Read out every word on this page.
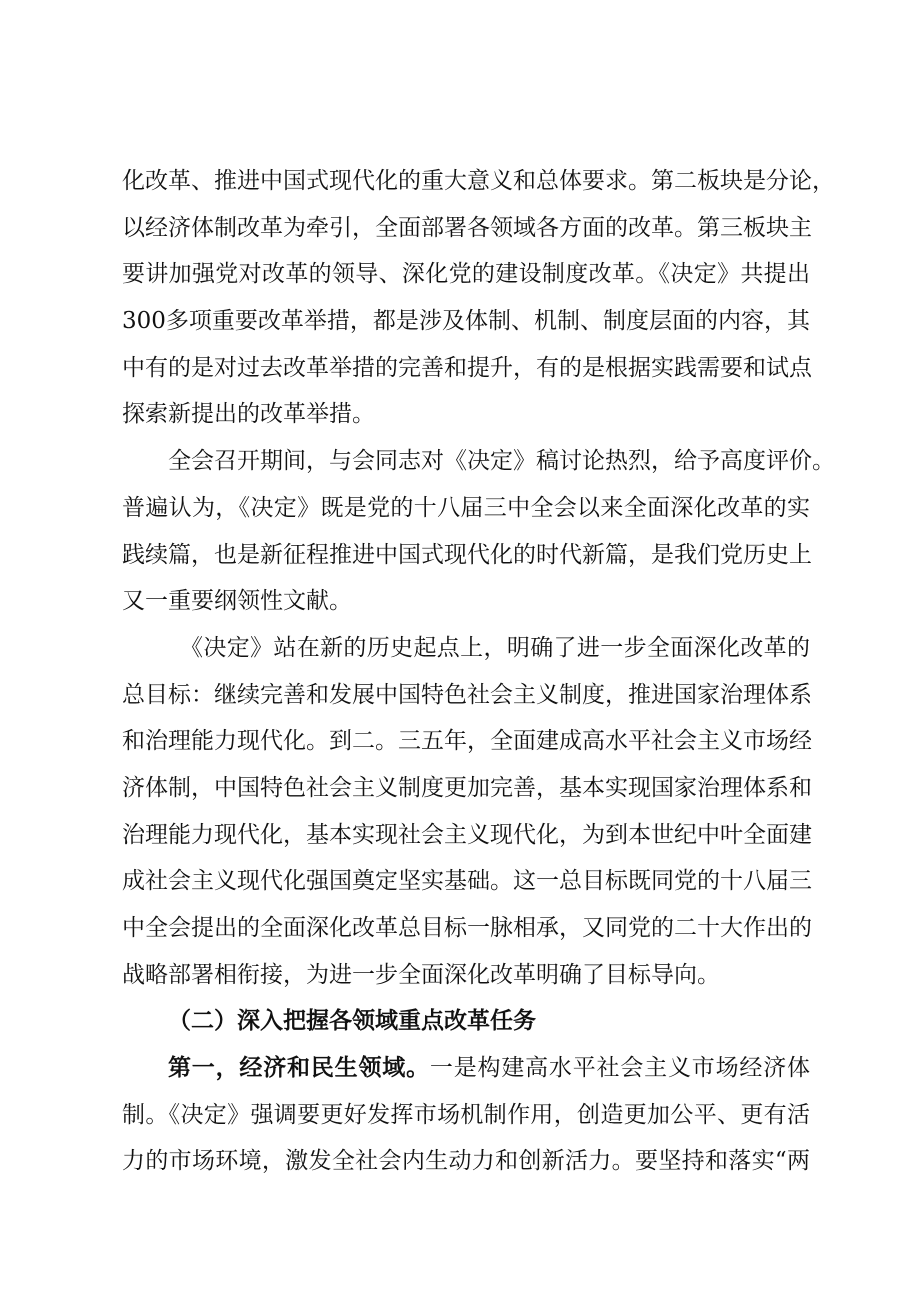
化改革、推进中国式现代化的重大意义和总体要求。第二板块是分论，
以经济体制改革为牵引，全面部署各领域各方面的改革。第三板块主
要讲加强党对改革的领导、深化党的建设制度改革。《决定》共提出
300多项重要改革举措，都是涉及体制、机制、制度层面的内容，其
中有的是对过去改革举措的完善和提升，有的是根据实践需要和试点
探索新提出的改革举措。
全会召开期间，与会同志对《决定》稿讨论热烈，给予高度评价。
普遍认为，《决定》既是党的十八届三中全会以来全面深化改革的实
践续篇，也是新征程推进中国式现代化的时代新篇，是我们党历史上
又一重要纲领性文献。
《决定》站在新的历史起点上，明确了进一步全面深化改革的
总目标：继续完善和发展中国特色社会主义制度，推进国家治理体系
和治理能力现代化。到二。三五年，全面建成高水平社会主义市场经
济体制，中国特色社会主义制度更加完善，基本实现国家治理体系和
治理能力现代化，基本实现社会主义现代化，为到本世纪中叶全面建
成社会主义现代化强国奠定坚实基础。这一总目标既同党的十八届三
中全会提出的全面深化改革总目标一脉相承，又同党的二十大作出的
战略部署相衔接，为进一步全面深化改革明确了目标导向。
（二）深入把握各领域重点改革任务
第一，经济和民生领域。一是构建高水平社会主义市场经济体
制。《决定》强调要更好发挥市场机制作用，创造更加公平、更有活
力的市场环境，激发全社会内生动力和创新活力。要坚持和落实“两
